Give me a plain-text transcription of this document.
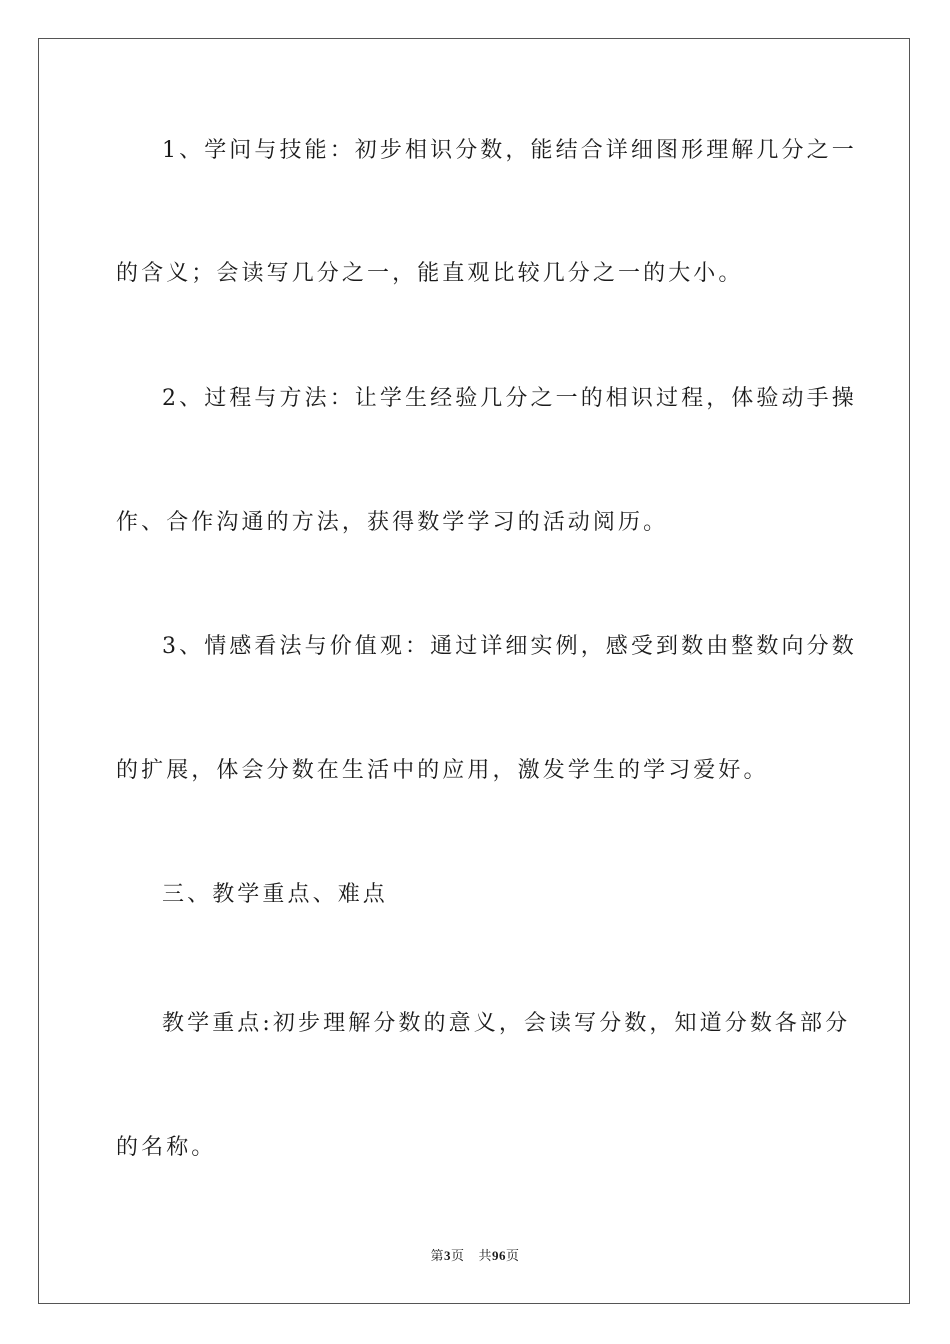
1、学问与技能：初步相识分数，能结合详细图形理解几分之一
的含义；会读写几分之一，能直观比较几分之一的大小。
2、过程与方法：让学生经验几分之一的相识过程，体验动手操
作、合作沟通的方法，获得数学学习的活动阅历。
3、情感看法与价值观：通过详细实例，感受到数由整数向分数
的扩展，体会分数在生活中的应用，激发学生的学习爱好。
三、教学重点、难点
教学重点:初步理解分数的意义，会读写分数，知道分数各部分
的名称。
第3页 共96页
